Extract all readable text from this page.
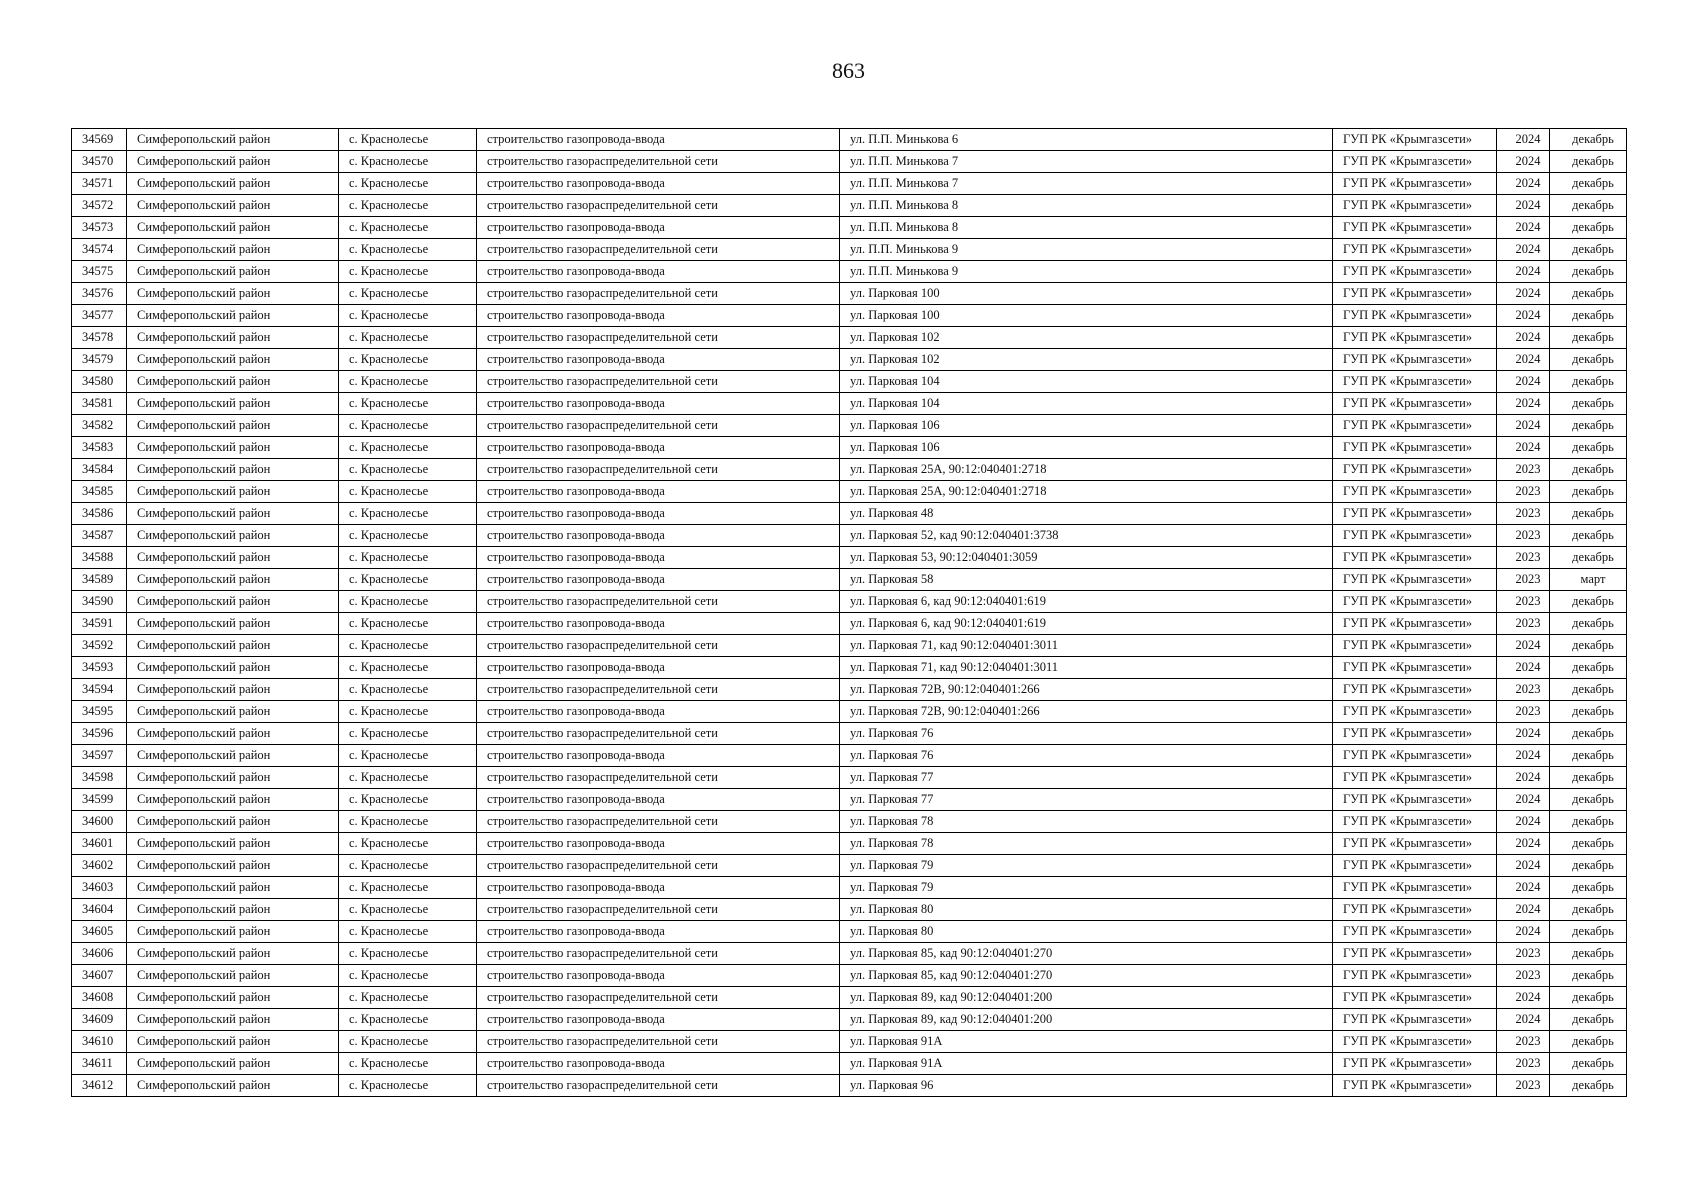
863
34569	Симферопольский район	с. Краснолесье	строительство газопровода-ввода	ул. П.П. Минькова 6	ГУП РК «Крымгазсети»	2024	декабрь
34570	Симферопольский район	с. Краснолесье	строительство газораспределительной сети	ул. П.П. Минькова 7	ГУП РК «Крымгазсети»	2024	декабрь
34571	Симферопольский район	с. Краснолесье	строительство газопровода-ввода	ул. П.П. Минькова 7	ГУП РК «Крымгазсети»	2024	декабрь
34572	Симферопольский район	с. Краснолесье	строительство газораспределительной сети	ул. П.П. Минькова 8	ГУП РК «Крымгазсети»	2024	декабрь
34573	Симферопольский район	с. Краснолесье	строительство газопровода-ввода	ул. П.П. Минькова 8	ГУП РК «Крымгазсети»	2024	декабрь
34574	Симферопольский район	с. Краснолесье	строительство газораспределительной сети	ул. П.П. Минькова 9	ГУП РК «Крымгазсети»	2024	декабрь
34575	Симферопольский район	с. Краснолесье	строительство газопровода-ввода	ул. П.П. Минькова 9	ГУП РК «Крымгазсети»	2024	декабрь
34576	Симферопольский район	с. Краснолесье	строительство газораспределительной сети	ул. Парковая 100	ГУП РК «Крымгазсети»	2024	декабрь
34577	Симферопольский район	с. Краснолесье	строительство газопровода-ввода	ул. Парковая 100	ГУП РК «Крымгазсети»	2024	декабрь
34578	Симферопольский район	с. Краснолесье	строительство газораспределительной сети	ул. Парковая 102	ГУП РК «Крымгазсети»	2024	декабрь
34579	Симферопольский район	с. Краснолесье	строительство газопровода-ввода	ул. Парковая 102	ГУП РК «Крымгазсети»	2024	декабрь
34580	Симферопольский район	с. Краснолесье	строительство газораспределительной сети	ул. Парковая 104	ГУП РК «Крымгазсети»	2024	декабрь
34581	Симферопольский район	с. Краснолесье	строительство газопровода-ввода	ул. Парковая 104	ГУП РК «Крымгазсети»	2024	декабрь
34582	Симферопольский район	с. Краснолесье	строительство газораспределительной сети	ул. Парковая 106	ГУП РК «Крымгазсети»	2024	декабрь
34583	Симферопольский район	с. Краснолесье	строительство газопровода-ввода	ул. Парковая 106	ГУП РК «Крымгазсети»	2024	декабрь
34584	Симферопольский район	с. Краснолесье	строительство газораспределительной сети	ул. Парковая 25А, 90:12:040401:2718	ГУП РК «Крымгазсети»	2023	декабрь
34585	Симферопольский район	с. Краснолесье	строительство газопровода-ввода	ул. Парковая 25А, 90:12:040401:2718	ГУП РК «Крымгазсети»	2023	декабрь
34586	Симферопольский район	с. Краснолесье	строительство газопровода-ввода	ул. Парковая 48	ГУП РК «Крымгазсети»	2023	декабрь
34587	Симферопольский район	с. Краснолесье	строительство газопровода-ввода	ул. Парковая 52, кад 90:12:040401:3738	ГУП РК «Крымгазсети»	2023	декабрь
34588	Симферопольский район	с. Краснолесье	строительство газопровода-ввода	ул. Парковая 53, 90:12:040401:3059	ГУП РК «Крымгазсети»	2023	декабрь
34589	Симферопольский район	с. Краснолесье	строительство газопровода-ввода	ул. Парковая 58	ГУП РК «Крымгазсети»	2023	март
34590	Симферопольский район	с. Краснолесье	строительство газораспределительной сети	ул. Парковая 6, кад 90:12:040401:619	ГУП РК «Крымгазсети»	2023	декабрь
34591	Симферопольский район	с. Краснолесье	строительство газопровода-ввода	ул. Парковая 6, кад 90:12:040401:619	ГУП РК «Крымгазсети»	2023	декабрь
34592	Симферопольский район	с. Краснолесье	строительство газораспределительной сети	ул. Парковая 71, кад 90:12:040401:3011	ГУП РК «Крымгазсети»	2024	декабрь
34593	Симферопольский район	с. Краснолесье	строительство газопровода-ввода	ул. Парковая 71, кад 90:12:040401:3011	ГУП РК «Крымгазсети»	2024	декабрь
34594	Симферопольский район	с. Краснолесье	строительство газораспределительной сети	ул. Парковая 72В, 90:12:040401:266	ГУП РК «Крымгазсети»	2023	декабрь
34595	Симферопольский район	с. Краснолесье	строительство газопровода-ввода	ул. Парковая 72В, 90:12:040401:266	ГУП РК «Крымгазсети»	2023	декабрь
34596	Симферопольский район	с. Краснолесье	строительство газораспределительной сети	ул. Парковая 76	ГУП РК «Крымгазсети»	2024	декабрь
34597	Симферопольский район	с. Краснолесье	строительство газопровода-ввода	ул. Парковая 76	ГУП РК «Крымгазсети»	2024	декабрь
34598	Симферопольский район	с. Краснолесье	строительство газораспределительной сети	ул. Парковая 77	ГУП РК «Крымгазсети»	2024	декабрь
34599	Симферопольский район	с. Краснолесье	строительство газопровода-ввода	ул. Парковая 77	ГУП РК «Крымгазсети»	2024	декабрь
34600	Симферопольский район	с. Краснолесье	строительство газораспределительной сети	ул. Парковая 78	ГУП РК «Крымгазсети»	2024	декабрь
34601	Симферопольский район	с. Краснолесье	строительство газопровода-ввода	ул. Парковая 78	ГУП РК «Крымгазсети»	2024	декабрь
34602	Симферопольский район	с. Краснолесье	строительство газораспределительной сети	ул. Парковая 79	ГУП РК «Крымгазсети»	2024	декабрь
34603	Симферопольский район	с. Краснолесье	строительство газопровода-ввода	ул. Парковая 79	ГУП РК «Крымгазсети»	2024	декабрь
34604	Симферопольский район	с. Краснолесье	строительство газораспределительной сети	ул. Парковая 80	ГУП РК «Крымгазсети»	2024	декабрь
34605	Симферопольский район	с. Краснолесье	строительство газопровода-ввода	ул. Парковая 80	ГУП РК «Крымгазсети»	2024	декабрь
34606	Симферопольский район	с. Краснолесье	строительство газораспределительной сети	ул. Парковая 85, кад 90:12:040401:270	ГУП РК «Крымгазсети»	2023	декабрь
34607	Симферопольский район	с. Краснолесье	строительство газопровода-ввода	ул. Парковая 85, кад 90:12:040401:270	ГУП РК «Крымгазсети»	2023	декабрь
34608	Симферопольский район	с. Краснолесье	строительство газораспределительной сети	ул. Парковая 89, кад 90:12:040401:200	ГУП РК «Крымгазсети»	2024	декабрь
34609	Симферопольский район	с. Краснолесье	строительство газопровода-ввода	ул. Парковая 89, кад 90:12:040401:200	ГУП РК «Крымгазсети»	2024	декабрь
34610	Симферопольский район	с. Краснолесье	строительство газораспределительной сети	ул. Парковая 91А	ГУП РК «Крымгазсети»	2023	декабрь
34611	Симферопольский район	с. Краснолесье	строительство газопровода-ввода	ул. Парковая 91А	ГУП РК «Крымгазсети»	2023	декабрь
34612	Симферопольский район	с. Краснолесье	строительство газораспределительной сети	ул. Парковая 96	ГУП РК «Крымгазсети»	2023	декабрь
